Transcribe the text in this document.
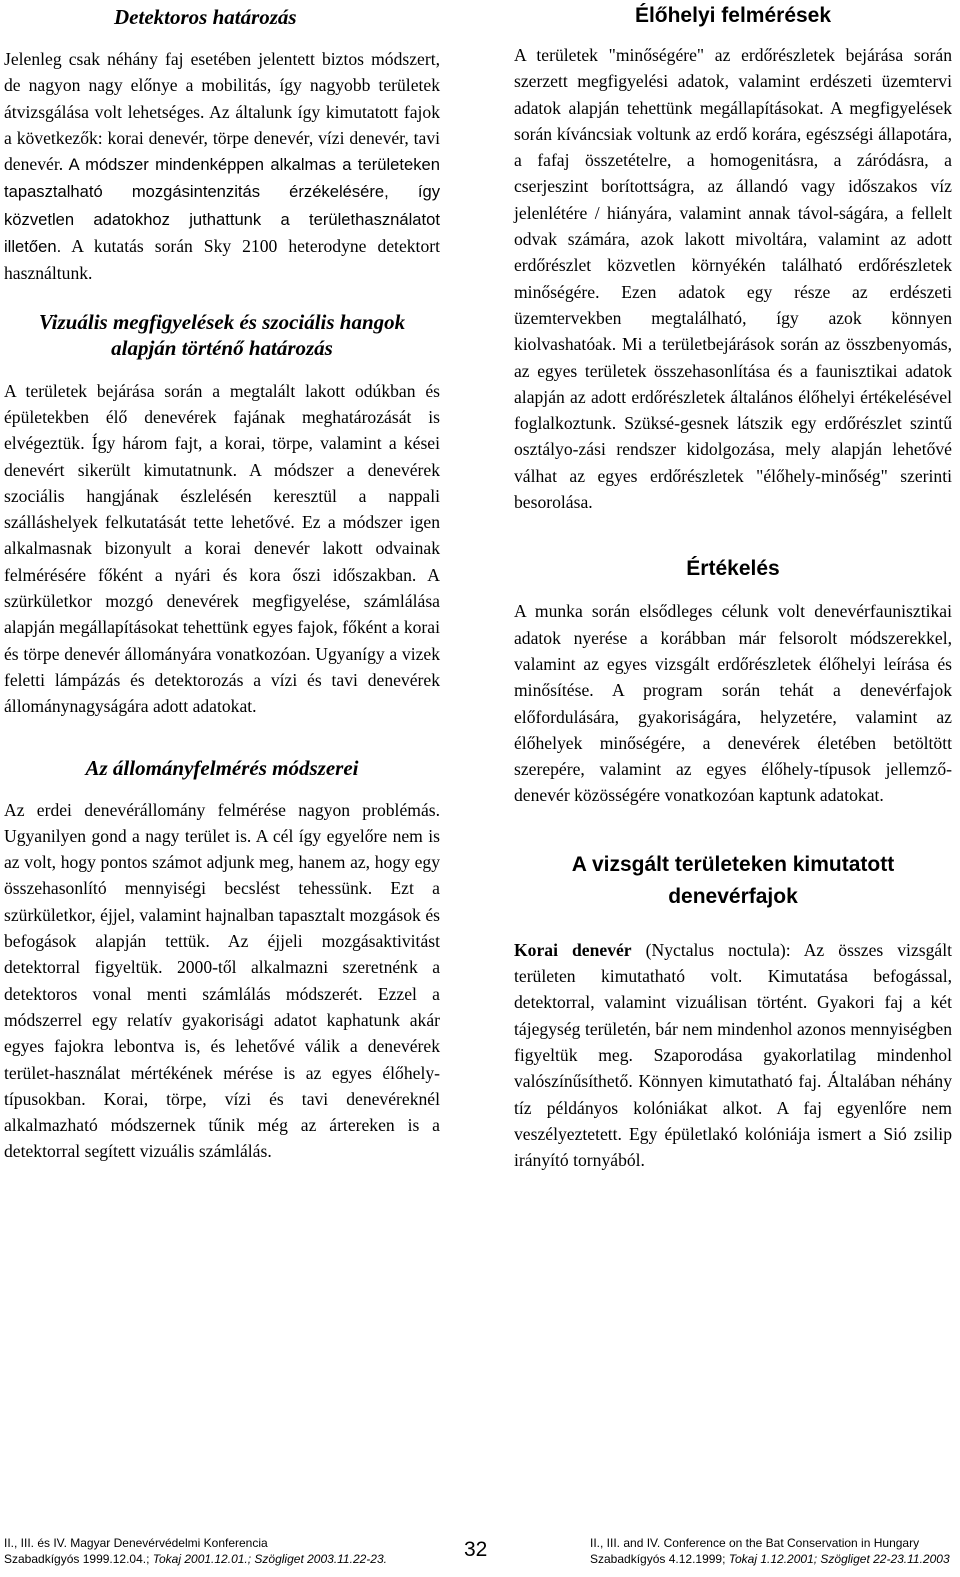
Detektoros határozás

Jelenleg csak néhány faj esetében jelentett biztos módszert, de nagyon nagy előnye a mobilitás, így nagyobb területek átvizsgálása volt lehetséges. Az általunk így kimutatott fajok a következők: korai denevér, törpe denevér, vízi denevér, tavi denevér. A módszer mindenképpen alkalmas a területeken tapasztalható mozgásintenzitás érzékelésére, így közvetlen adatokhoz juthattunk a területhasználatot illetően. A kutatás során Sky 2100 heterodyne detektort használtunk.

Vizuális megfigyelések és szociális hangok
alapján történő határozás

A területek bejárása során a megtalált lakott odúkban és épületekben élő denevérek fajának meghatározását is elvégeztük. Így három fajt, a korai, törpe, valamint a kései denevért sikerült kimutatnunk. A módszer a denevérek szociális hangjának észlelésén keresztül a nappali szálláshelyek felkutatását tette lehetővé. Ez a módszer igen alkalmasnak bizonyult a korai denevér lakott odvainak felmérésére főként a nyári és kora őszi időszakban. A szürkületkor mozgó denevérek megfigyelése, számlálása alapján megállapításokat tehettünk egyes fajok, főként a korai és törpe denevér állományára vonatkozóan. Ugyanígy a vizek feletti lámpázás és detektorozás a vízi és tavi denevérek állománynagyságára adott adatokat.

Az állományfelmérés módszerei

Az erdei denevérállomány felmérése nagyon problémás. Ugyanilyen gond a nagy terület is. A cél így egyelőre nem is az volt, hogy pontos számot adjunk meg, hanem az, hogy egy összehasonlító mennyiségi becslést tehessünk. Ezt a szürkületkor, éjjel, valamint hajnalban tapasztalt mozgások és befogások alapján tettük. Az éjjeli mozgásaktivitást detektorral figyeltük. 2000-től alkalmazni szeretnénk a detektoros vonal menti számlálás módszerét. Ezzel a módszerrel egy relatív gyakorisági adatot kaphatunk akár egyes fajokra lebontva is, és lehetővé válik a denevérek terület-használat mértékének mérése is az egyes élőhely-típusokban. Korai, törpe, vízi és tavi denevéreknél alkalmazható módszernek tűnik még az ártereken is a detektorral segített vizuális számlálás.

Élőhelyi felmérések

A területek "minőségére" az erdőrészletek bejárása során szerzett megfigyelési adatok, valamint erdészeti üzemtervi adatok alapján tehettünk megállapításokat. A megfigyelések során kíváncsiak voltunk az erdő korára, egészségi állapotára, a fafaj összetételre, a homogenitásra, a záródásra, a cserjeszint borítottságra, az állandó vagy időszakos víz jelenlétére / hiányára, valamint annak távol-ságára, a fellelt odvak számára, azok lakott mivoltára, valamint az adott erdőrészlet közvetlen környékén található erdőrészletek minőségére. Ezen adatok egy része az erdészeti üzemtervekben megtalálható, így azok könnyen kiolvashatóak. Mi a területbejárások során az összbenyomás, az egyes területek összehasonlítása és a faunisztikai adatok alapján az adott erdőrészletek általános élőhelyi értékelésével foglalkoztunk. Szüksé-gesnek látszik egy erdőrészlet szintű osztályo-zási rendszer kidolgozása, mely alapján lehetővé válhat az egyes erdőrészletek "élőhely-minőség" szerinti besorolása.

Értékelés

A munka során elsődleges célunk volt denevérfaunisztikai adatok nyerése a korábban már felsorolt módszerekkel, valamint az egyes vizsgált erdőrészletek élőhelyi leírása és minősítése. A program során tehát a denevérfajok előfordulására, gyakoriságára, helyzetére, valamint az élőhelyek minőségére, a denevérek életében betöltött szerepére, valamint az egyes élőhely-típusok jellemző-denevér közösségére vonatkozóan kaptunk adatokat.

A vizsgált területeken kimutatott
denevérfajok

Korai denevér (Nyctalus noctula): Az összes vizsgált területen kimutatható volt. Kimutatása befogással, detektorral, valamint vizuálisan történt. Gyakori faj a két tájegység területén, bár nem mindenhol azonos mennyiségben figyeltük meg. Szaporodása gyakorlatilag mindenhol valószínűsíthető. Könnyen kimutatható faj. Általában néhány tíz példányos kolóniákat alkot. A faj egyenlőre nem veszélyeztetett. Egy épületlakó kolóniája ismert a Sió zsilip irányító tornyából.

II., III. és IV. Magyar Denevérvédelmi Konferencia
Szabadkígyós 1999.12.04.; Tokaj 2001.12.01.; Szögliget 2003.11.22-23.	32	II., III. and IV. Conference on the Bat Conservation in Hungary
Szabadkígyós 4.12.1999; Tokaj 1.12.2001; Szögliget 22-23.11.2003
